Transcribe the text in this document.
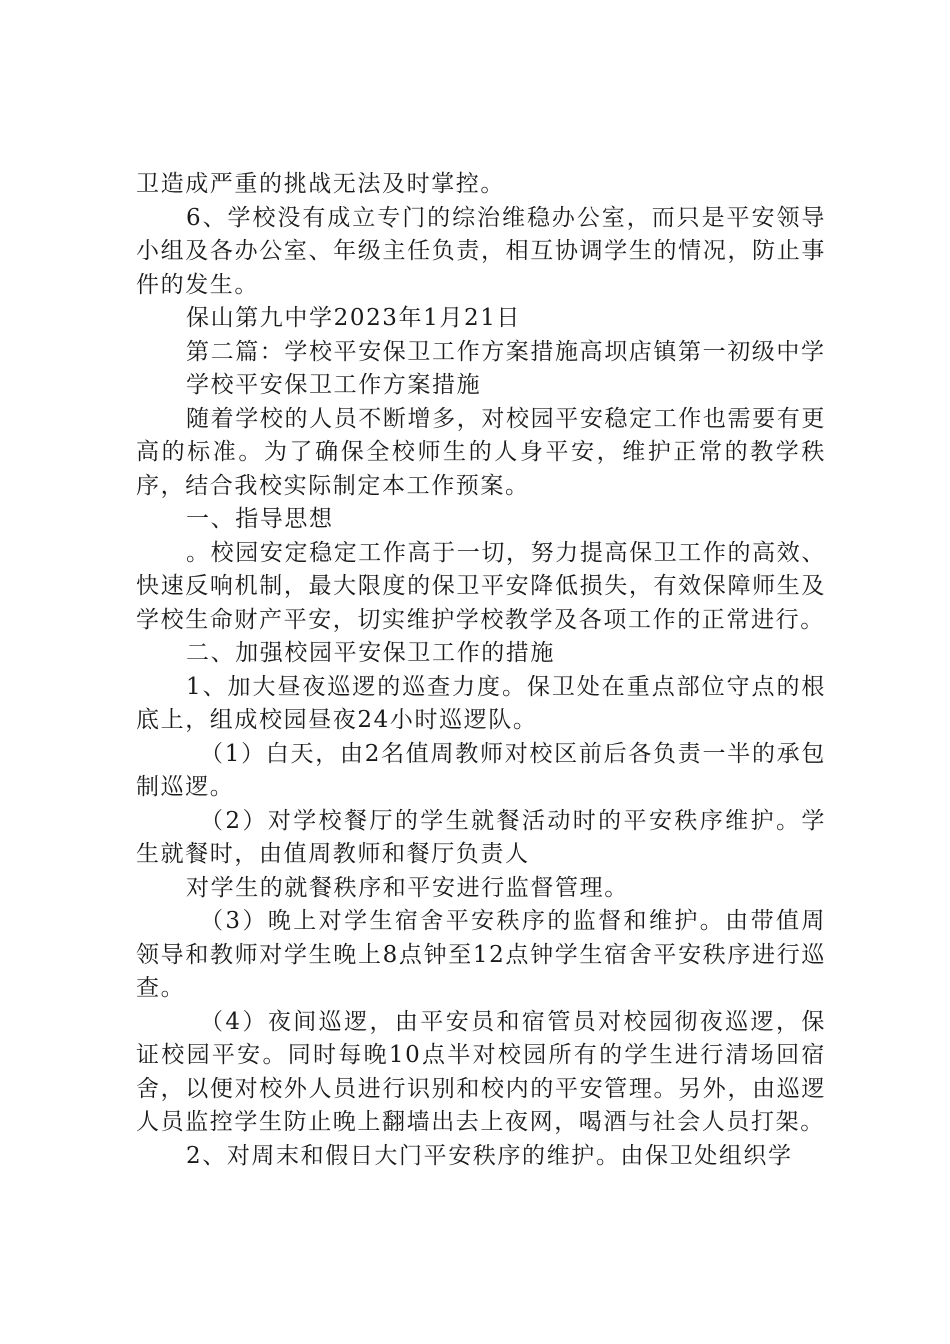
卫造成严重的挑战无法及时掌控。

6、学校没有成立专门的综治维稳办公室，而只是平安领导小组及各办公室、年级主任负责，相互协调学生的情况，防止事件的发生。

保山第九中学2023年1月21日

第二篇：学校平安保卫工作方案措施高坝店镇第一初级中学

学校平安保卫工作方案措施

随着学校的人员不断增多，对校园平安稳定工作也需要有更高的标准。为了确保全校师生的人身平安，维护正常的教学秩序，结合我校实际制定本工作预案。

一、指导思想

。校园安定稳定工作高于一切，努力提高保卫工作的高效、快速反响机制，最大限度的保卫平安降低损失，有效保障师生及学校生命财产平安，切实维护学校教学及各项工作的正常进行。

二、加强校园平安保卫工作的措施

1、加大昼夜巡逻的巡查力度。保卫处在重点部位守点的根底上，组成校园昼夜24小时巡逻队。

（1）白天，由2名值周教师对校区前后各负责一半的承包制巡逻。

（2）对学校餐厅的学生就餐活动时的平安秩序维护。学生就餐时，由值周教师和餐厅负责人

对学生的就餐秩序和平安进行监督管理。

（3）晚上对学生宿舍平安秩序的监督和维护。由带值周领导和教师对学生晚上8点钟至12点钟学生宿舍平安秩序进行巡查。

（4）夜间巡逻，由平安员和宿管员对校园彻夜巡逻，保证校园平安。同时每晚10点半对校园所有的学生进行清场回宿舍，以便对校外人员进行识别和校内的平安管理。另外，由巡逻人员监控学生防止晚上翻墙出去上夜网，喝酒与社会人员打架。

2、对周末和假日大门平安秩序的维护。由保卫处组织学
